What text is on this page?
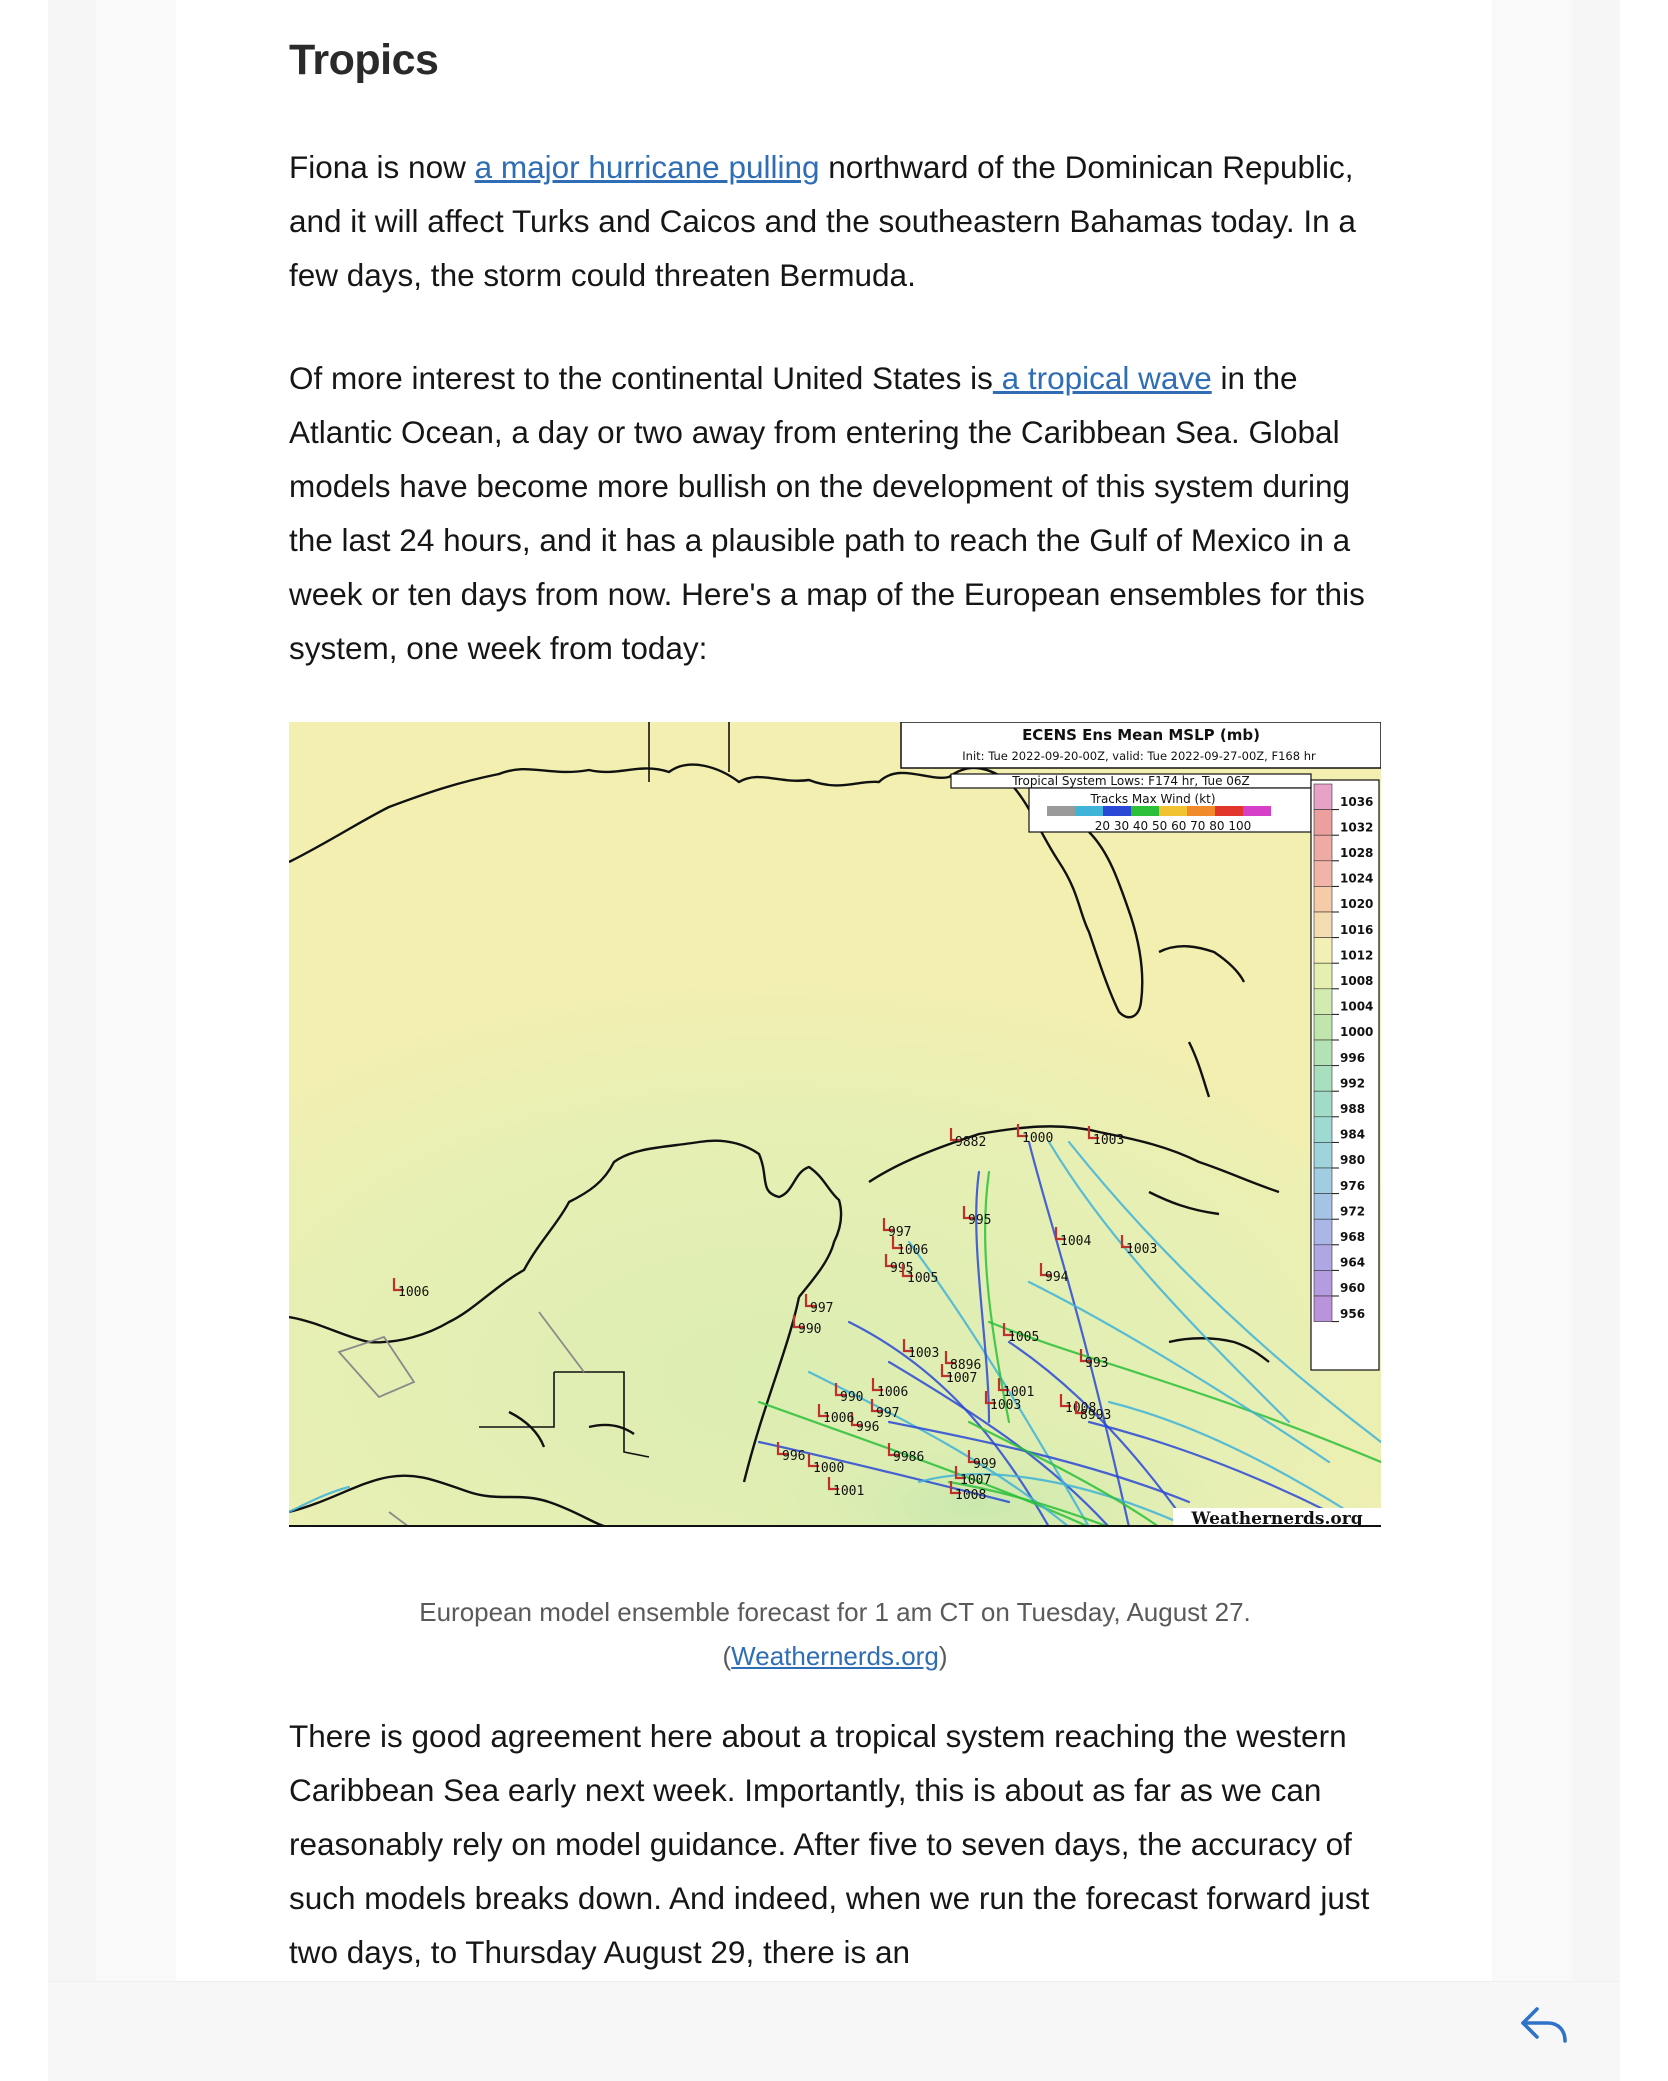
Tropics

Fiona is now a major hurricane pulling northward of the Dominican Republic, and it will affect Turks and Caicos and the southeastern Bahamas today. In a few days, the storm could threaten Bermuda.

Of more interest to the continental United States is a tropical wave in the Atlantic Ocean, a day or two away from entering the Caribbean Sea. Global models have become more bullish on the development of this system during the last 24 hours, and it has a plausible path to reach the Gulf of Mexico in a week or ten days from now. Here's a map of the European ensembles for this system, one week from today:

1006
9882	1000	1003
995
997
1006
995
1005
1004
1003
994
997
990
1005
993
1003
1006
1007
8896
997
996
1006
990	1001
1003	1008
8993
996
999
1000
9986
1007
1001	1008
ECENS Ens Mean MSLP (mb)
Init: Tue 2022-09-20-00Z, valid: Tue 2022-09-27-00Z, F168 hr
Tropical System Lows: F174 hr, Tue 06Z
Tracks Max Wind (kt)
20 30 40 50 60 70 80 100
1036
1032
1028
1024
1020
1016
1012
1008
1004
1000
996
992
988
984
980
976
972
968
964
960
956
Weathernerds.org
European model ensemble forecast for 1 am CT on Tuesday, August 27.
(Weathernerds.org)

There is good agreement here about a tropical system reaching the western Caribbean Sea early next week. Importantly, this is about as far as we can reasonably rely on model guidance. After five to seven days, the accuracy of such models breaks down. And indeed, when we run the forecast forward just two days, to Thursday August 29, there is an
